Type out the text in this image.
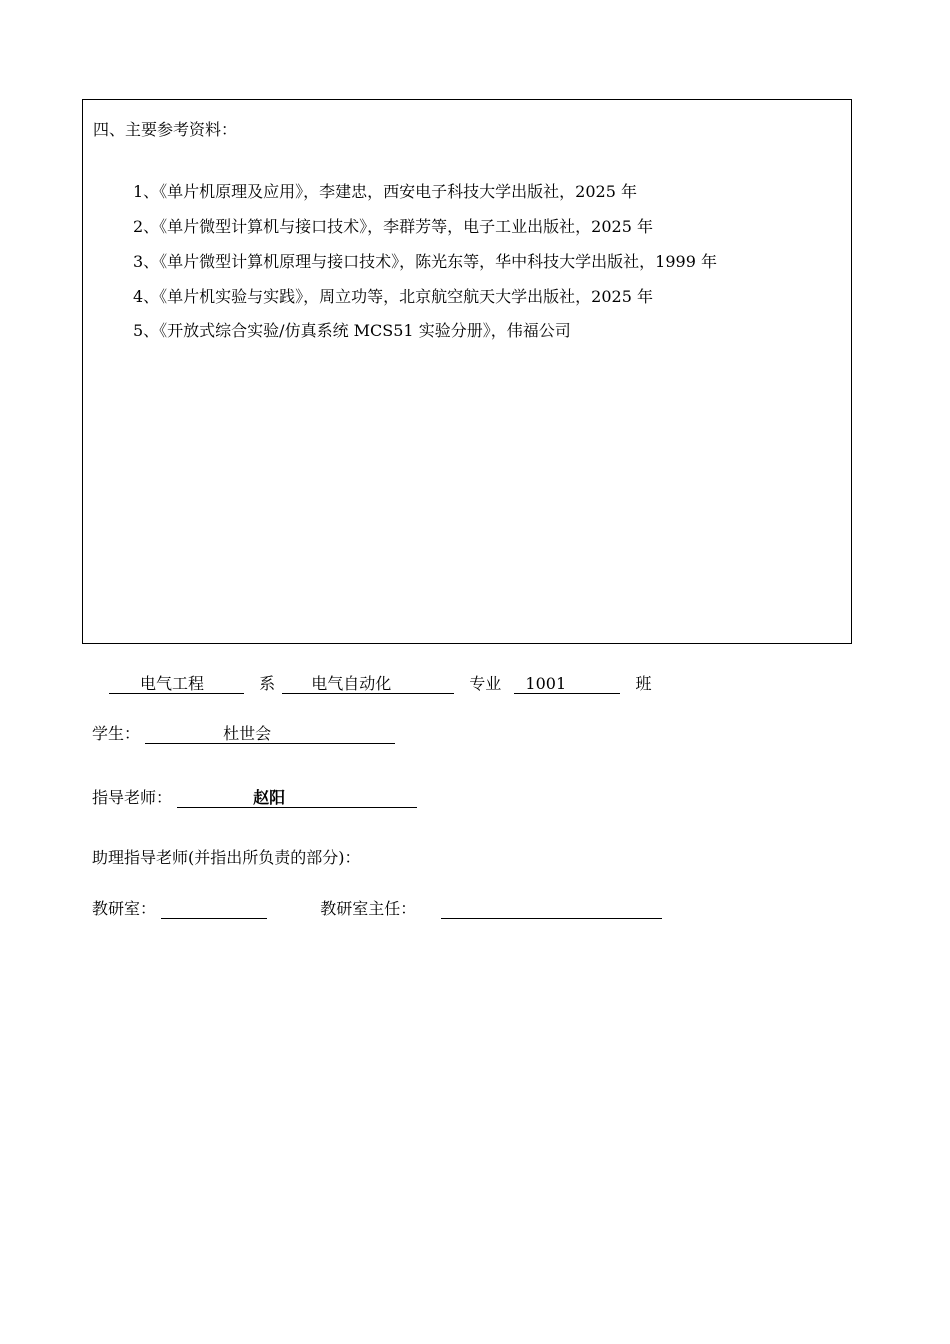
四、主要参考资料：
1、《单片机原理及应用》，李建忠，西安电子科技大学出版社，2025 年
2、《单片微型计算机与接口技术》，李群芳等，电子工业出版社，2025 年
3、《单片微型计算机原理与接口技术》，陈光东等，华中科技大学出版社，1999 年
4、《单片机实验与实践》，周立功等，北京航空航天大学出版社，2025 年
5、《开放式综合实验/仿真系统 MCS51 实验分册》，伟福公司
电气工程	系 电气自动化	专业 1001	班
学生：	杜世会
指导老师：	赵阳
助理指导老师(并指出所负责的部分)：
教研室：	教研室主任：
